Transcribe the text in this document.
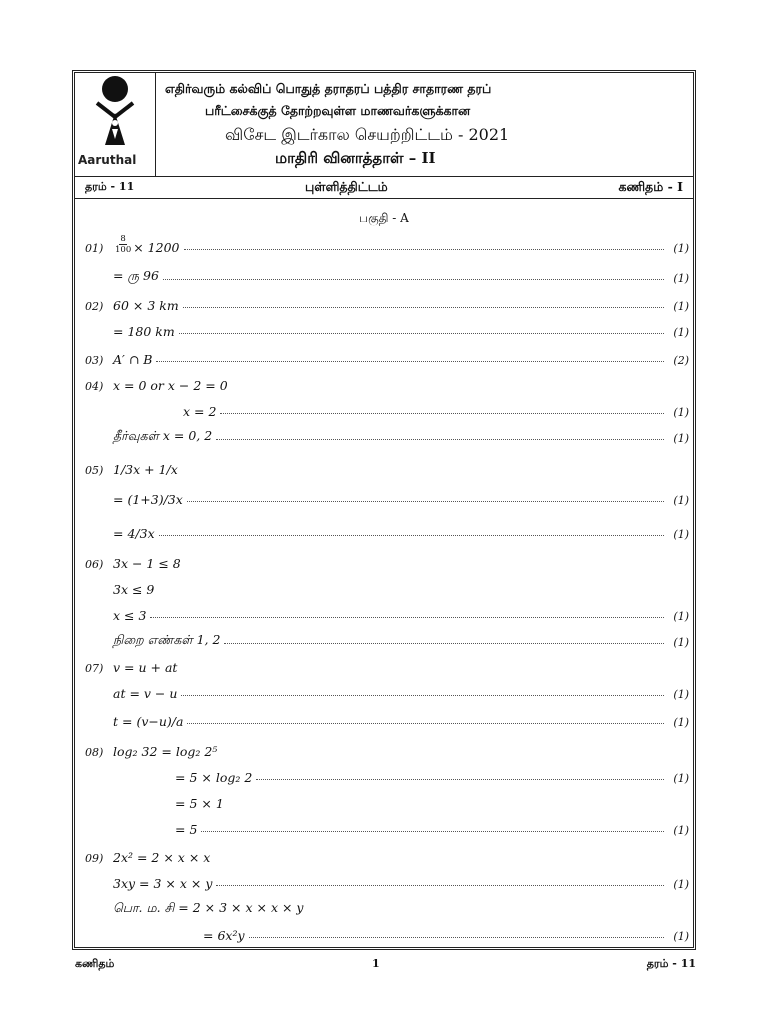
Aaruthal
எதிர்வரும் கல்விப் பொதுத் தராதரப் பத்திர சாதாரண தரப்
பரீட்சைக்குத் தோற்றவுள்ள மாணவர்களுக்கான
விசேட இடர்கால செயற்றிட்டம் - 2021
மாதிரி வினாத்தாள் – II
தரம் - 11	புள்ளித்திட்டம்	கணிதம் - I
பகுதி - A
01)	$\frac{8}{100} \times 1200$	(1)
= ரு 96	(1)
02) 60 × 3 km	(1)
= 180 km	(1)
03) A′ ∩ B	(2)
04) x = 0 or x − 2 = 0
x = 2	(1)
தீர்வுகள் x = 0, 2	(1)
05) 1/3x + 1/x
= (1+3)/3x	(1)
= 4/3x	(1)
06) 3x − 1 ≤ 8
3x ≤ 9
x ≤ 3	(1)
நிறை எண்கள் 1, 2	(1)
07) v = u + at
at = v − u	(1)
t = (v−u)/a	(1)
08) log₂ 32 = log₂ 2⁵
= 5 × log₂ 2	(1)
= 5 × 1
= 5	(1)
09) 2x² = 2 × x × x
3xy = 3 × x × y	(1)
பொ. ம. சி = 2 × 3 × x × x × y
= 6x²y	(1)
கணிதம்	1	தரம் - 11
